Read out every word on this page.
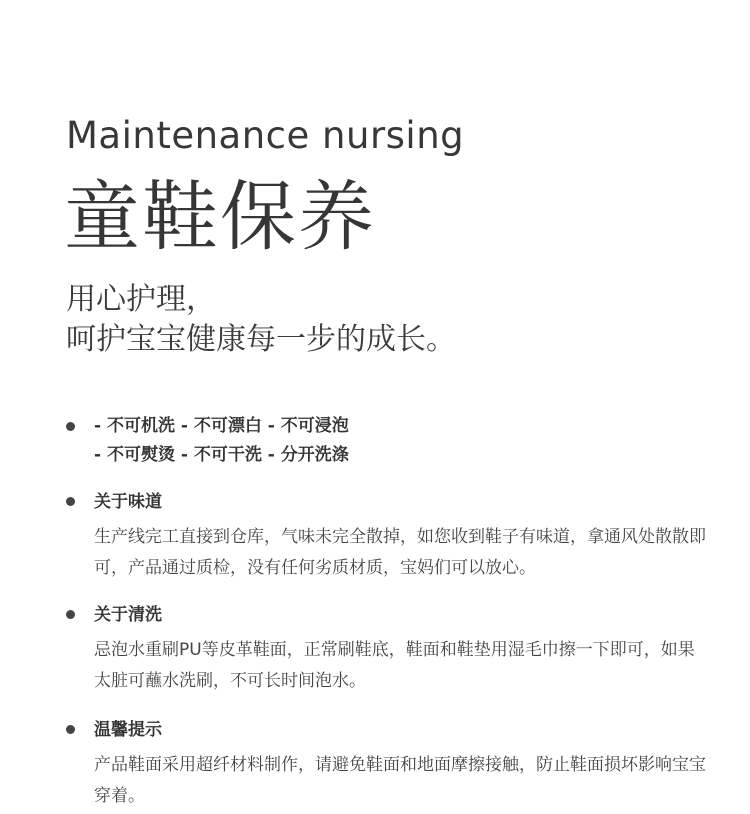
Maintenance nursing
童鞋保养
用心护理，
呵护宝宝健康每一步的成长。
- 不可机洗 - 不可漂白 - 不可浸泡
- 不可熨烫 - 不可干洗 - 分开洗涤
关于味道
生产线完工直接到仓库，气味未完全散掉，如您收到鞋子有味道，拿通风处散散即可，产品通过质检，没有任何劣质材质，宝妈们可以放心。
关于清洗
忌泡水重刷PU等皮革鞋面，正常刷鞋底，鞋面和鞋垫用湿毛巾擦一下即可，如果太脏可蘸水洗刷，不可长时间泡水。
温馨提示
产品鞋面采用超纤材料制作，请避免鞋面和地面摩擦接触，防止鞋面损坏影响宝宝穿着。
